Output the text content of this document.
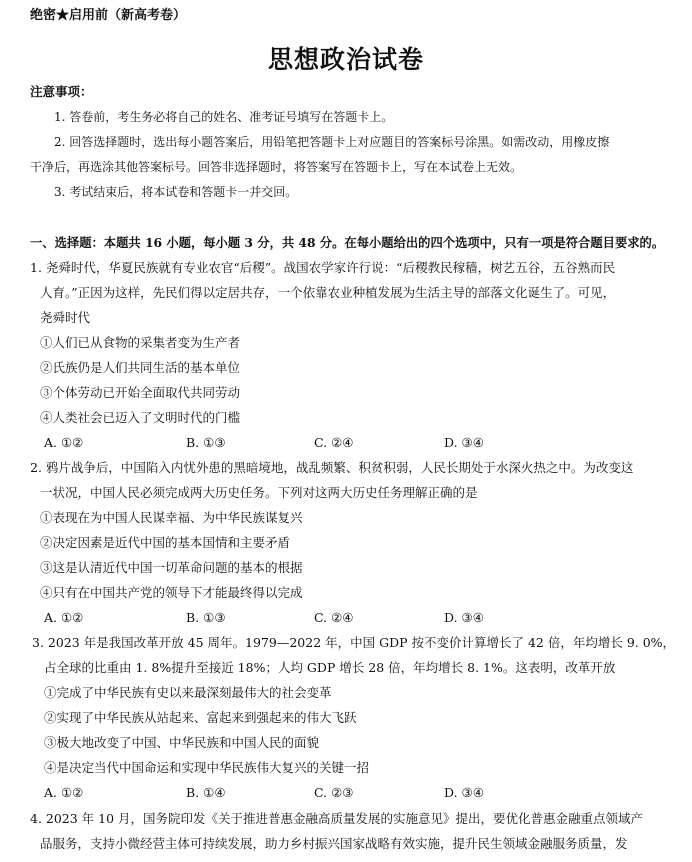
绝密★启用前（新高考卷）
思想政治试卷
注意事项：
1. 答卷前，考生务必将自己的姓名、准考证号填写在答题卡上。
2. 回答选择题时，选出每小题答案后，用铅笔把答题卡上对应题目的答案标号涂黑。如需改动，用橡皮擦
干净后，再选涂其他答案标号。回答非选择题时，将答案写在答题卡上，写在本试卷上无效。
3. 考试结束后，将本试卷和答题卡一并交回。
一、选择题：本题共 16 小题，每小题 3 分，共 48 分。在每小题给出的四个选项中，只有一项是符合题目要求的。
1. 尧舜时代，华夏民族就有专业农官“后稷”。战国农学家许行说：“后稷教民稼穑，树艺五谷，五谷熟而民
人育。”正因为这样，先民们得以定居共存，一个依靠农业种植发展为生活主导的部落文化诞生了。可见，
尧舜时代
①人们已从食物的采集者变为生产者
②氏族仍是人们共同生活的基本单位
③个体劳动已开始全面取代共同劳动
④人类社会已迈入了文明时代的门槛
A. ①②	B. ①③	C. ②④	D. ③④
2. 鸦片战争后，中国陷入内忧外患的黑暗境地，战乱频繁、积贫积弱，人民长期处于水深火热之中。为改变这
一状况，中国人民必须完成两大历史任务。下列对这两大历史任务理解正确的是
①表现在为中国人民谋幸福、为中华民族谋复兴
②决定因素是近代中国的基本国情和主要矛盾
③这是认清近代中国一切革命问题的基本的根据
④只有在中国共产党的领导下才能最终得以完成
A. ①②	B. ①③	C. ②④	D. ③④
3. 2023 年是我国改革开放 45 周年。1979—2022 年，中国 GDP 按不变价计算增长了 42 倍，年均增长 9. 0%，
占全球的比重由 1. 8%提升至接近 18%；人均 GDP 增长 28 倍，年均增长 8. 1%。这表明，改革开放
①完成了中华民族有史以来最深刻最伟大的社会变革
②实现了中华民族从站起来、富起来到强起来的伟大飞跃
③极大地改变了中国、中华民族和中国人民的面貌
④是决定当代中国命运和实现中华民族伟大复兴的关键一招
A. ①②	B. ①④	C. ②③	D. ③④
4. 2023 年 10 月，国务院印发《关于推进普惠金融高质量发展的实施意见》提出，要优化普惠金融重点领域产
品服务，支持小微经营主体可持续发展，助力乡村振兴国家战略有效实施，提升民生领域金融服务质量，发
